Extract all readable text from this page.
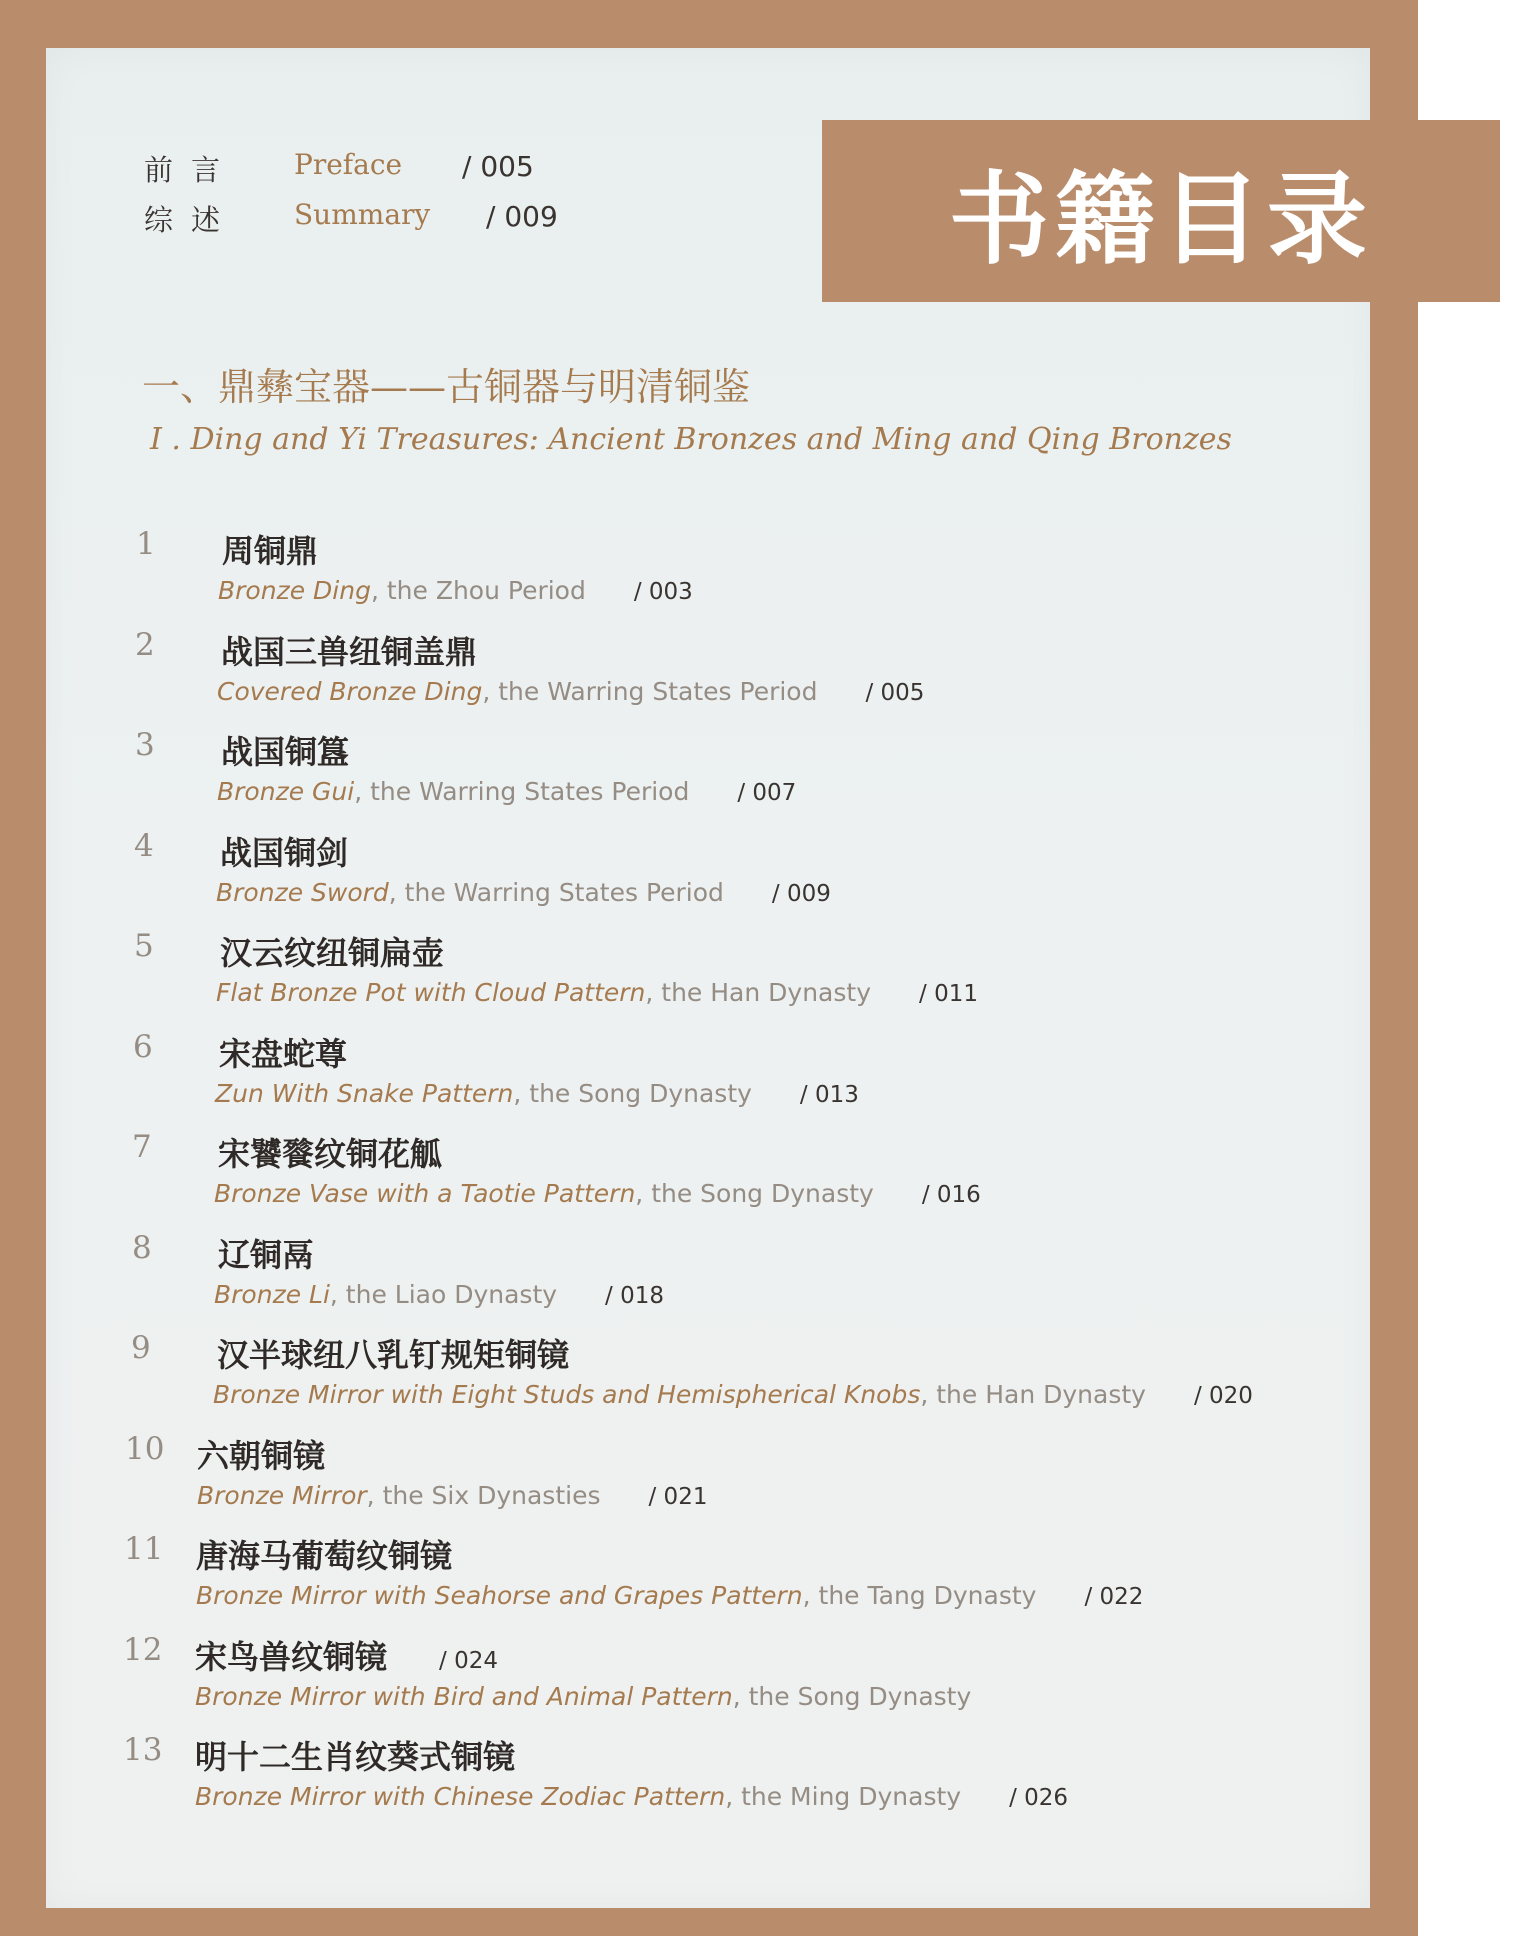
书籍目录
前言 Preface / 005
综述 Summary / 009
一、鼎彝宝器——古铜器与明清铜鉴
I . Ding and Yi Treasures: Ancient Bronzes and Ming and Qing Bronzes
1 周铜鼎
Bronze Ding, the Zhou Period / 003
2 战国三兽纽铜盖鼎
Covered Bronze Ding, the Warring States Period / 005
3 战国铜簋
Bronze Gui, the Warring States Period / 007
4 战国铜剑
Bronze Sword, the Warring States Period / 009
5 汉云纹纽铜扁壶
Flat Bronze Pot with Cloud Pattern, the Han Dynasty / 011
6 宋盘蛇尊
Zun With Snake Pattern, the Song Dynasty / 013
7 宋饕餮纹铜花觚
Bronze Vase with a Taotie Pattern, the Song Dynasty / 016
8 辽铜鬲
Bronze Li, the Liao Dynasty / 018
9 汉半球纽八乳钉规矩铜镜
Bronze Mirror with Eight Studs and Hemispherical Knobs, the Han Dynasty / 020
10 六朝铜镜
Bronze Mirror, the Six Dynasties / 021
11 唐海马葡萄纹铜镜
Bronze Mirror with Seahorse and Grapes Pattern, the Tang Dynasty / 022
12 宋鸟兽纹铜镜 / 024
Bronze Mirror with Bird and Animal Pattern, the Song Dynasty
13 明十二生肖纹葵式铜镜
Bronze Mirror with Chinese Zodiac Pattern, the Ming Dynasty / 026
